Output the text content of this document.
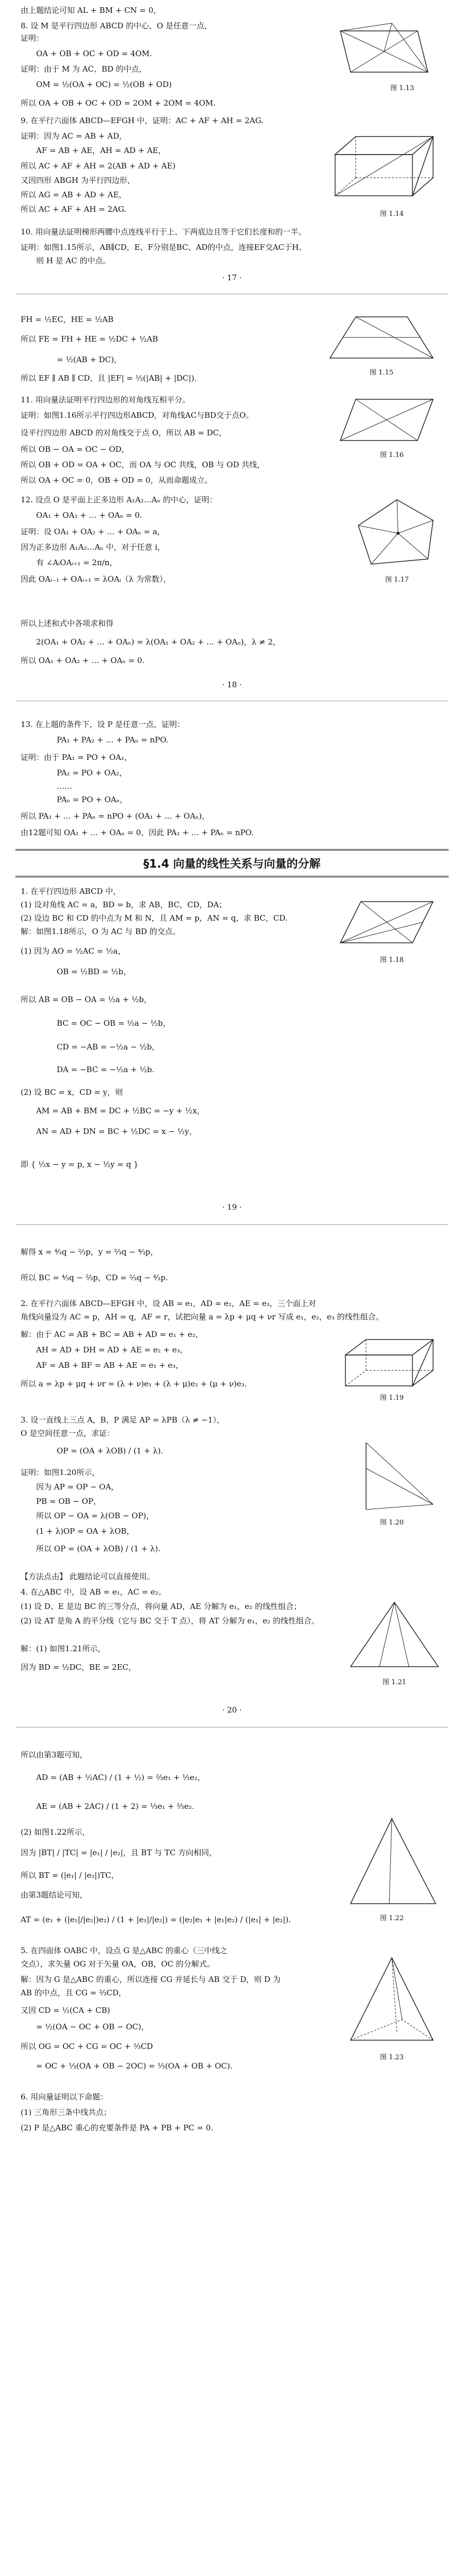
由上题结论可知 AL + BM + CN = 0，
8. 设 M 是平行四边形 ABCD 的中心，O 是任意一点，
证明：
OA + OB + OC + OD = 4OM.
证明：由于 M 为 AC、BD 的中点，
OM = ½(OA + OC) = ½(OB + OD)
所以 OA + OB + OC + OD = 2OM + 2OM = 4OM.
9. 在平行六面体 ABCD—EFGH 中，证明：AC + AF + AH = 2AG.
证明：因为 AC = AB + AD，
AF = AB + AE，AH = AD + AE，
所以 AC + AF + AH = 2(AB + AD + AE)
又因四形 ABGH 为平行四边形，
所以 AG = AB + AD + AE，
所以 AC + AF + AH = 2AG.
10. 用向量法证明梯形两腰中点连线平行于上、下两底边且等于它们长度和的一半。
证明：如图1.15所示，AB∥CD，E、F分别是BC、AD的中点，连接EF交AC于H。
则 H 是 AC 的中点。
图 1.13
图 1.14
· 17 ·
FH = ½EC，HE = ½AB
所以 FE = FH + HE = ½DC + ½AB
= ½(AB + DC)，
所以 EF ∥ AB ∥ CD，且 |EF| = ½(|AB| + |DC|).
11. 用向量法证明平行四边形的对角线互相平分。
证明：如图1.16所示平行四边形ABCD，对角线AC与BD交于点O。
设平行四边形 ABCD 的对角线交于点 O，所以 AB = DC，
所以 OB − OA = OC − OD，
所以 OB + OD = OA + OC，而 OA 与 OC 共线，OB 与 OD 共线，
所以 OA + OC = 0，OB + OD = 0，从而命题成立。
12. 设点 O 是平面上正多边形 A₁A₂…Aₙ 的中心，证明：
OA₁ + OA₂ + … + OAₙ = 0.
证明：设 OA₁ + OA₂ + … + OAₙ = a，
因为正多边形 A₁A₂…Aₙ 中，对于任意 i，
有 ∠AᵢOAᵢ₊₁ = 2π/n，
因此 OAᵢ₋₁ + OAᵢ₊₁ = λOAᵢ（λ 为常数），
所以上述和式中各项求和得
2(OA₁ + OA₂ + … + OAₙ) = λ(OA₁ + OA₂ + … + OAₙ)，λ ≠ 2，
所以 OA₁ + OA₂ + … + OAₙ = 0.
图 1.15
图 1.16
图 1.17
· 18 ·
13. 在上题的条件下，设 P 是任意一点，证明：
PA₁ + PA₂ + … + PAₙ = nPO.
证明：由于 PA₁ = PO + OA₁，
PA₂ = PO + OA₂，
……
PAₙ = PO + OAₙ，
所以 PA₁ + … + PAₙ = nPO + (OA₁ + … + OAₙ)，
由12题可知 OA₁ + … + OAₙ = 0，因此 PA₁ + … + PAₙ = nPO.
§1.4 向量的线性关系与向量的分解
1. 在平行四边形 ABCD 中，
(1) 设对角线 AC = a，BD = b，求 AB，BC，CD，DA；
(2) 设边 BC 和 CD 的中点为 M 和 N，且 AM = p，AN = q，求 BC，CD.
解：如图1.18所示，O 为 AC 与 BD 的交点。
(1) 因为 AO = ½AC = ½a，
OB = ½BD = ½b，
所以 AB = OB − OA = ½a + ½b，
BC = OC − OB = ½a − ½b，
CD = −AB = −½a − ½b，
DA = −BC = −½a + ½b.
(2) 设 BC = x，CD = y，则
AM = AB + BM = DC + ½BC = −y + ½x，
AN = AD + DN = BC + ½DC = x − ½y，
即 { ½x − y = p, x − ½y = q }
图 1.18
· 19 ·
解得 x = ⁴⁄₃q − ²⁄₃p，y = ²⁄₃q − ⁴⁄₃p，
所以 BC = ⁴⁄₃q − ²⁄₃p，CD = ²⁄₃q − ⁴⁄₃p.
2. 在平行六面体 ABCD—EFGH 中，设 AB = e₁，AD = e₂，AE = e₃，三个面上对
角线向量设为 AC = p，AH = q，AF = r，试把向量 a = λp + μq + νr 写成 e₁，e₂，e₃ 的线性组合。
解：由于 AC = AB + BC = AB + AD = e₁ + e₂，
AH = AD + DH = AD + AE = e₂ + e₃，
AF = AB + BF = AB + AE = e₁ + e₃，
所以 a = λp + μq + νr = (λ + ν)e₁ + (λ + μ)e₂ + (μ + ν)e₃.
3. 设一直线上三点 A，B，P 满足 AP = λPB（λ ≠ −1），
O 是空间任意一点，求证：
OP = (OA + λOB) / (1 + λ).
证明：如图1.20所示，
因为 AP = OP − OA，
PB = OB − OP，
所以 OP − OA = λ(OB − OP)，
(1 + λ)OP = OA + λOB，
所以 OP = (OA + λOB) / (1 + λ).
【方法点击】 此题结论可以直接使用。
4. 在△ABC 中，设 AB = e₁，AC = e₂。
(1) 设 D、E 是边 BC 的三等分点，将向量 AD，AE 分解为 e₁，e₂ 的线性组合；
(2) 设 AT 是角 A 的平分线（它与 BC 交于 T 点），将 AT 分解为 e₁，e₂ 的线性组合。
解：(1) 如图1.21所示，
因为 BD = ½DC，BE = 2EC，
图 1.19
图 1.20
图 1.21
· 20 ·
所以由第3题可知，
AD = (AB + ½AC) / (1 + ½) = ⅔e₁ + ⅓e₂，
AE = (AB + 2AC) / (1 + 2) = ⅓e₁ + ⅔e₂.
(2) 如图1.22所示，
因为 |BT| / |TC| = |e₁| / |e₂|，且 BT 与 TC 方向相同，
所以 BT = (|e₁| / |e₂|)TC，
由第3题结论可知，
AT = (e₁ + (|e₁|/|e₂|)e₂) / (1 + |e₁|/|e₂|) = (|e₂|e₁ + |e₁|e₂) / (|e₁| + |e₂|).
5. 在四面体 OABC 中，设点 G 是△ABC 的重心（三中线之
交点），求矢量 OG 对于矢量 OA，OB，OC 的分解式。
解：因为 G 是△ABC 的重心，所以连接 CG 并延长与 AB 交于 D，则 D 为
AB 的中点，且 CG = ⅔CD，
又因 CD = ½(CA + CB)
= ½(OA − OC + OB − OC)，
所以 OG = OC + CG = OC + ⅔CD
= OC + ⅓(OA + OB − 2OC) = ⅓(OA + OB + OC).
6. 用向量证明以下命题：
(1) 三角形三条中线共点；
(2) P 是△ABC 重心的充要条件是 PA + PB + PC = 0.
图 1.22
图 1.23
